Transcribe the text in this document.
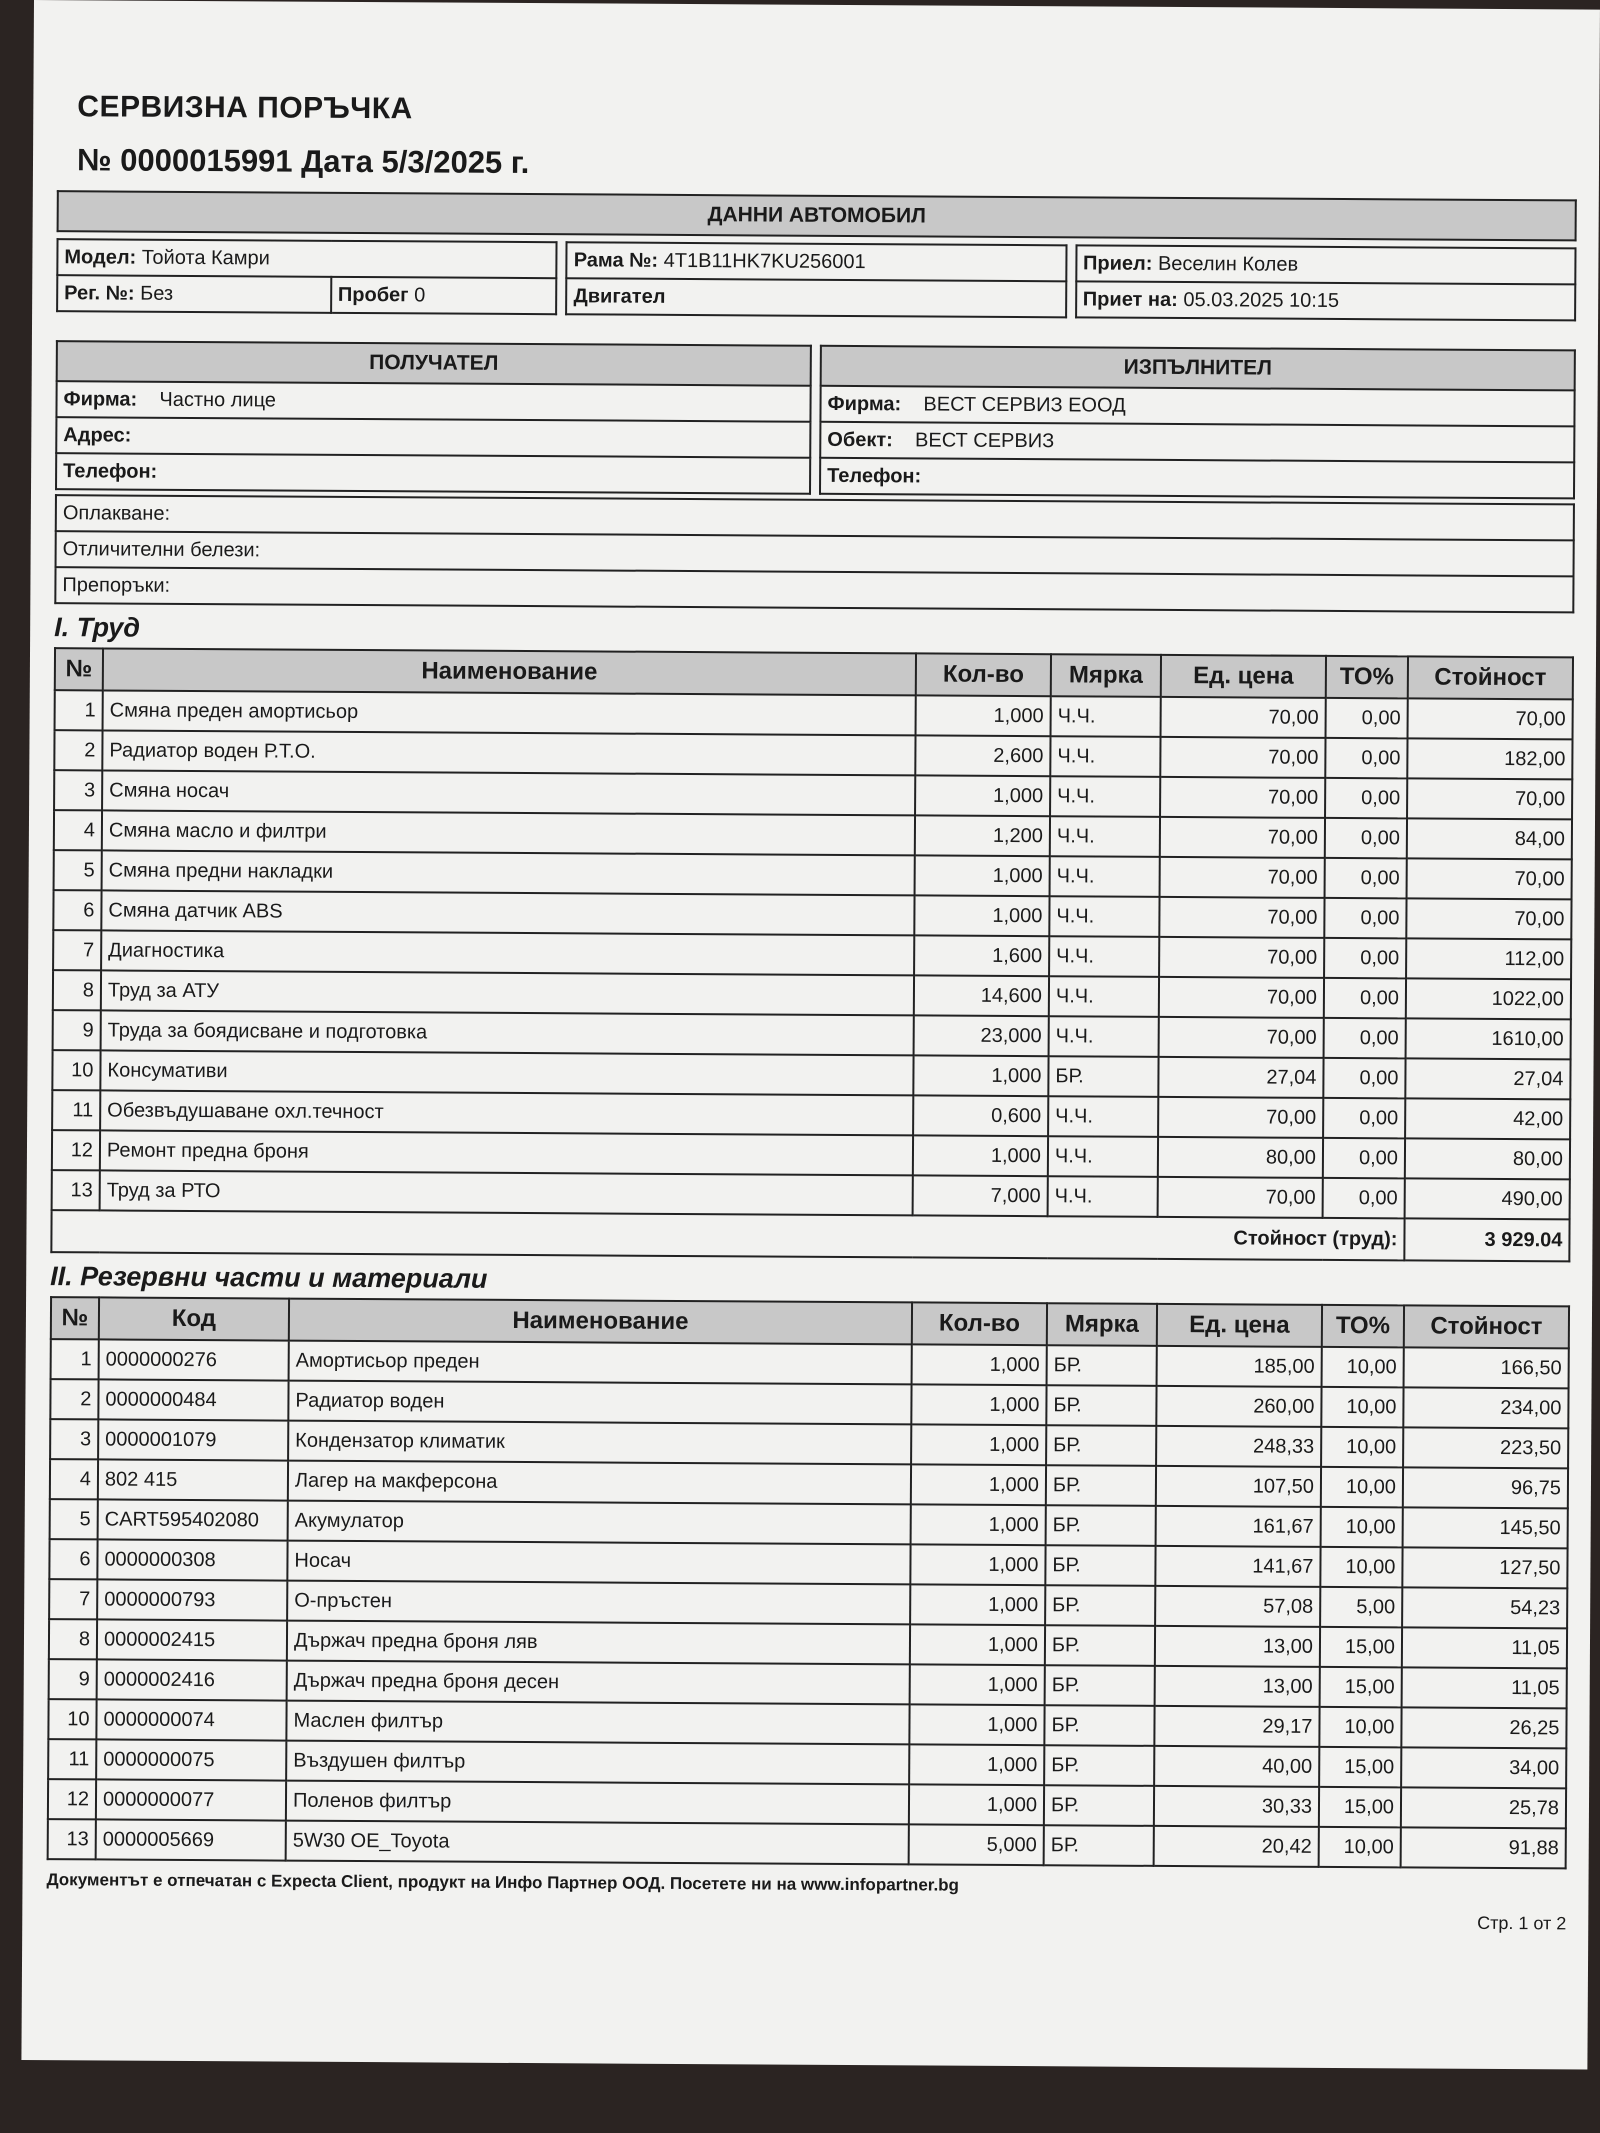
СЕРВИЗНА ПОРЪЧКА
№ 0000015991 Дата 5/3/2025 г.
ДАННИ АВТОМОБИЛ
Модел: Тойота Камри
Рег. №: Без	Пробег 0
Рама №: 4T1B11HK7KU256001
Двигател
Приел: Веселин Колев
Приет на: 05.03.2025 10:15
ПОЛУЧАТЕЛ
Фирма: Частно лице
Адрес:
Телефон:
ИЗПЪЛНИТЕЛ
Фирма: ВЕСТ СЕРВИЗ ЕООД
Обект: ВЕСТ СЕРВИЗ
Телефон:
Оплакване:
Отличителни белези:
Препоръки:
I. Труд
№	Наименование	Кол-во	Мярка	Ед. цена	ТО%	Стойност
1	Смяна преден амортисьор	1,000	Ч.Ч.	70,00	0,00	70,00
2	Радиатор воден Р.Т.О.	2,600	Ч.Ч.	70,00	0,00	182,00
3	Смяна носач	1,000	Ч.Ч.	70,00	0,00	70,00
4	Смяна масло и филтри	1,200	Ч.Ч.	70,00	0,00	84,00
5	Смяна предни накладки	1,000	Ч.Ч.	70,00	0,00	70,00
6	Смяна датчик ABS	1,000	Ч.Ч.	70,00	0,00	70,00
7	Диагностика	1,600	Ч.Ч.	70,00	0,00	112,00
8	Труд за АТУ	14,600	Ч.Ч.	70,00	0,00	1022,00
9	Труда за боядисване и подготовка	23,000	Ч.Ч.	70,00	0,00	1610,00
10	Консумативи	1,000	БР.	27,04	0,00	27,04
11	Обезвъдушаване охл.течност	0,600	Ч.Ч.	70,00	0,00	42,00
12	Ремонт предна броня	1,000	Ч.Ч.	80,00	0,00	80,00
13	Труд за РТО	7,000	Ч.Ч.	70,00	0,00	490,00
Стойност (труд):						3 929.04
II. Резервни части и материали
№	Код	Наименование	Кол-во	Мярка	Ед. цена	ТО%	Стойност
1	0000000276	Амортисьор преден	1,000	БР.	185,00	10,00	166,50
2	0000000484	Радиатор воден	1,000	БР.	260,00	10,00	234,00
3	0000001079	Кондензатор климатик	1,000	БР.	248,33	10,00	223,50
4	802 415	Лагер на макферсона	1,000	БР.	107,50	10,00	96,75
5	CART595402080	Акумулатор	1,000	БР.	161,67	10,00	145,50
6	0000000308	Носач	1,000	БР.	141,67	10,00	127,50
7	0000000793	О-пръстен	1,000	БР.	57,08	5,00	54,23
8	0000002415	Държач предна броня ляв	1,000	БР.	13,00	15,00	11,05
9	0000002416	Държач предна броня десен	1,000	БР.	13,00	15,00	11,05
10	0000000074	Маслен филтър	1,000	БР.	29,17	10,00	26,25
11	0000000075	Въздушен филтър	1,000	БР.	40,00	15,00	34,00
12	0000000077	Поленов филтър	1,000	БР.	30,33	15,00	25,78
13	0000005669	5W30 OE_Toyota	5,000	БР.	20,42	10,00	91,88
Документът е отпечатан с Expecta Client, продукт на Инфо Партнер ООД. Посетете ни на www.infopartner.bg
Стр. 1 от 2
